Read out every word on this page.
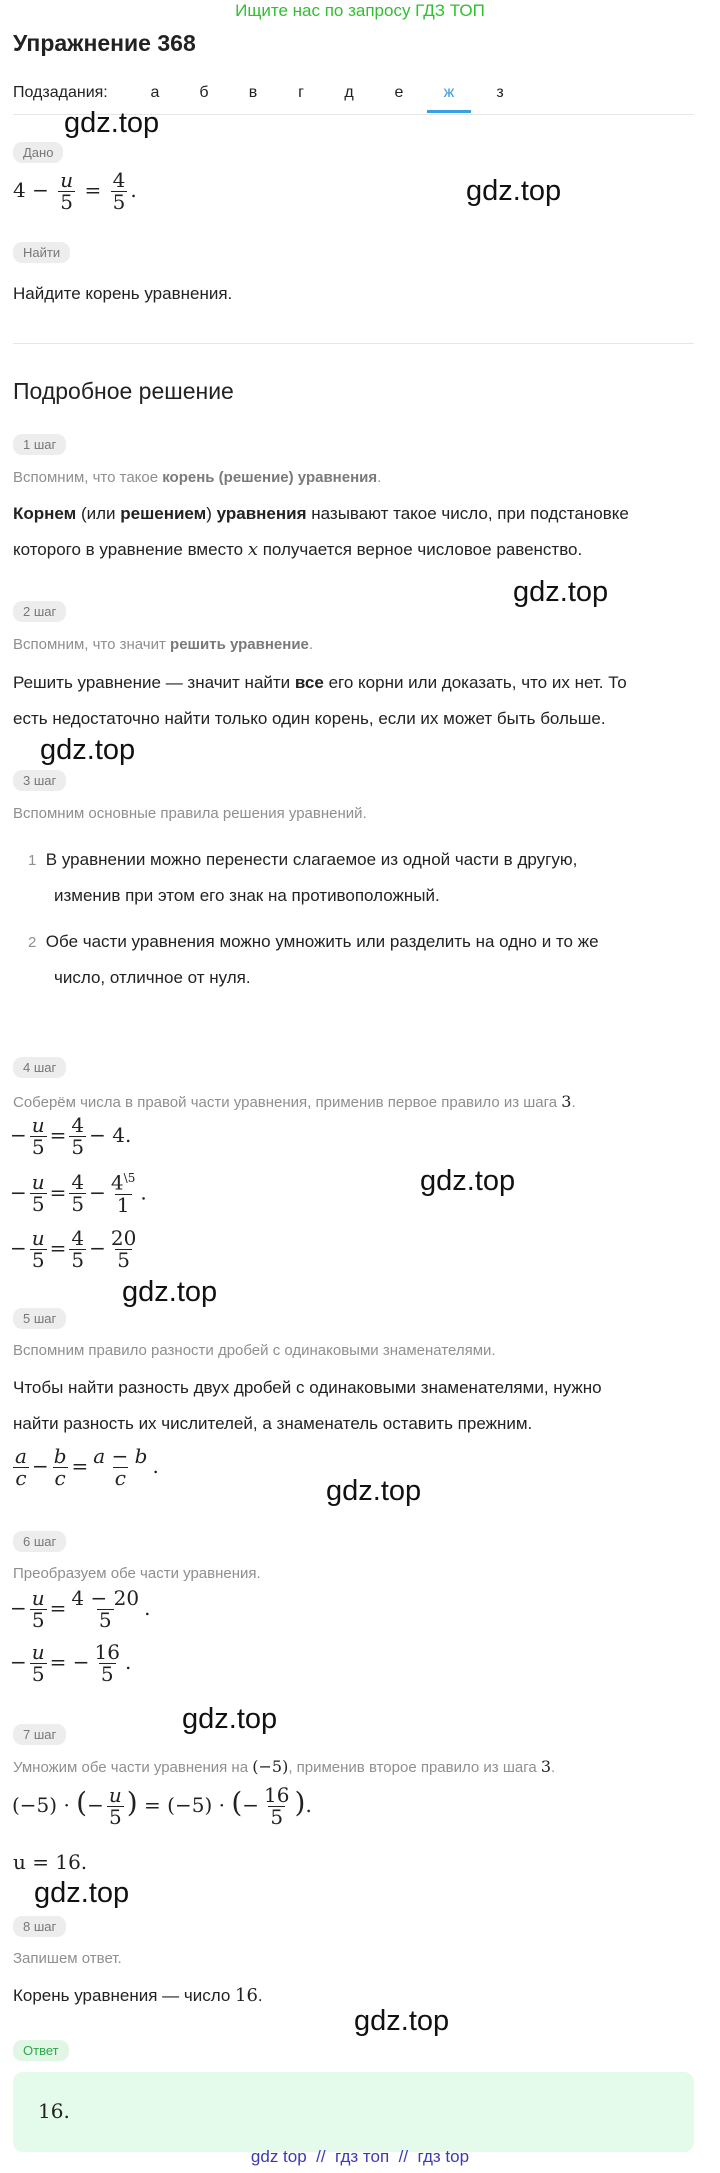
Ищите нас по запросу ГДЗ ТОП
Упражнение 368
Подзадания:	а	б	в	г	д	е	ж	з
Дано
$4 - \frac{u}{5} = \frac{4}{5}$ .
Найти
Найдите корень уравнения.
Подробное решение
1 шаг
Вспомним, что такое корень (решение) уравнения.
Корнем (или решением) уравнения называют такое число, при подстановке
которого в уравнение вместо x получается верное числовое равенство.
2 шаг
Вспомним, что значит решить уравнение.
Решить уравнение — значит найти все его корни или доказать, что их нет. То
есть недостаточно найти только один корень, если их может быть больше.
3 шаг
Вспомним основные правила решения уравнений.
1 В уравнении можно перенести слагаемое из одной части в другую,
изменив при этом его знак на противоположный.
2 Обе части уравнения можно умножить или разделить на одно и то же
число, отличное от нуля.
4 шаг
Соберём числа в правой части уравнения, применив первое правило из шага 3.
− $\frac{u}{5} = \frac{4}{5} - 4$.
− $\frac{u}{5} = \frac{4}{5} - \frac{4^{\backslash 5}}{1}$ .
− $\frac{u}{5} = \frac{4}{5} - \frac{20}{5}$
5 шаг
Вспомним правило разности дробей с одинаковыми знаменателями.
Чтобы найти разность двух дробей с одинаковыми знаменателями, нужно
найти разность их числителей, а знаменатель оставить прежним.
$\frac{a}{c} - \frac{b}{c} = \frac{a - b}{c}$ .
6 шаг
Преобразуем обе части уравнения.
− $\frac{u}{5} = \frac{4 - 20}{5}$ .
− $\frac{u}{5}$ = − $\frac{16}{5}$ .
7 шаг
Умножим обе части уравнения на (−5), применив второе правило из шага 3.
(−5) · (− $\frac{u}{5}$ ) = (−5) · (− $\frac{16}{5}$ ).
u = 16.
8 шаг
Запишем ответ.
Корень уравнения — число 16.
Ответ
16.
gdz.top
gdz.top
gdz.top
gdz.top
gdz.top
gdz.top
gdz.top
gdz.top
gdz.top
gdz.top
gdz top // гдз топ // гдз top
